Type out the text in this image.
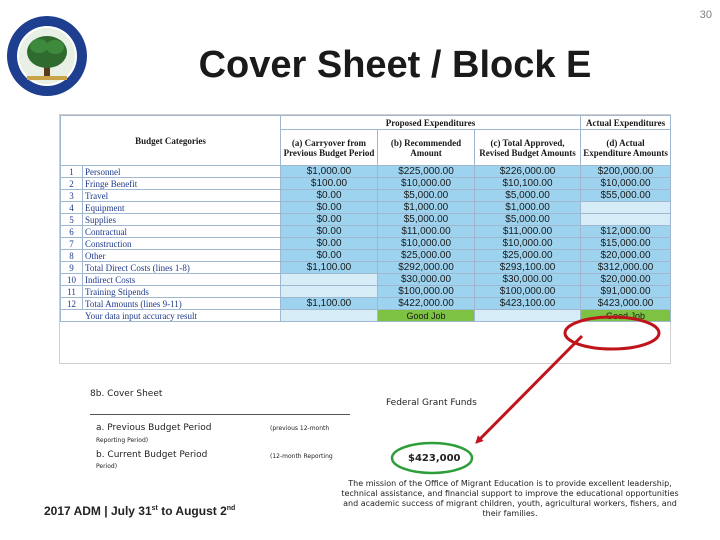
30
Cover Sheet / Block E
Budget Categories		Proposed Expenditures			Actual Expenditures
		(a) Carryover from Previous Budget Period	(b) Recommended Amount	(c) Total Approved, Revised Budget Amounts	(d) Actual Expenditure Amounts
1	Personnel	$1,000.00	$225,000.00	$226,000.00	$200,000.00
2	Fringe Benefit	$100.00	$10,000.00	$10,100.00	$10,000.00
3	Travel	$0.00	$5,000.00	$5,000.00	$55,000.00
4	Equipment	$0.00	$1,000.00	$1,000.00	
5	Supplies	$0.00	$5,000.00	$5,000.00	
6	Contractual	$0.00	$11,000.00	$11,000.00	$12,000.00
7	Construction	$0.00	$10,000.00	$10,000.00	$15,000.00
8	Other	$0.00	$25,000.00	$25,000.00	$20,000.00
9	Total Direct Costs (lines 1-8)	$1,100.00	$292,000.00	$293,100.00	$312,000.00
10	Indirect Costs		$30,000.00	$30,000.00	$20,000.00
11	Training Stipends		$100,000.00	$100,000.00	$91,000.00
12	Total Amounts (lines 9-11)	$1,100.00	$422,000.00	$423,100.00	$423,000.00
Your data input accuracy result			Good Job		Good Job
8b. Cover Sheet
Federal Grant Funds
a. Previous Budget Period	(previous 12-month
Reporting Period)
b. Current Budget Period	(12-month Reporting
Period)
$423,000
2017 ADM | July 31st to August 2nd
The mission of the Office of Migrant Education is to provide excellent leadership, technical assistance, and financial support to improve the educational opportunities and academic success of migrant children, youth, agricultural workers, fishers, and their families.
